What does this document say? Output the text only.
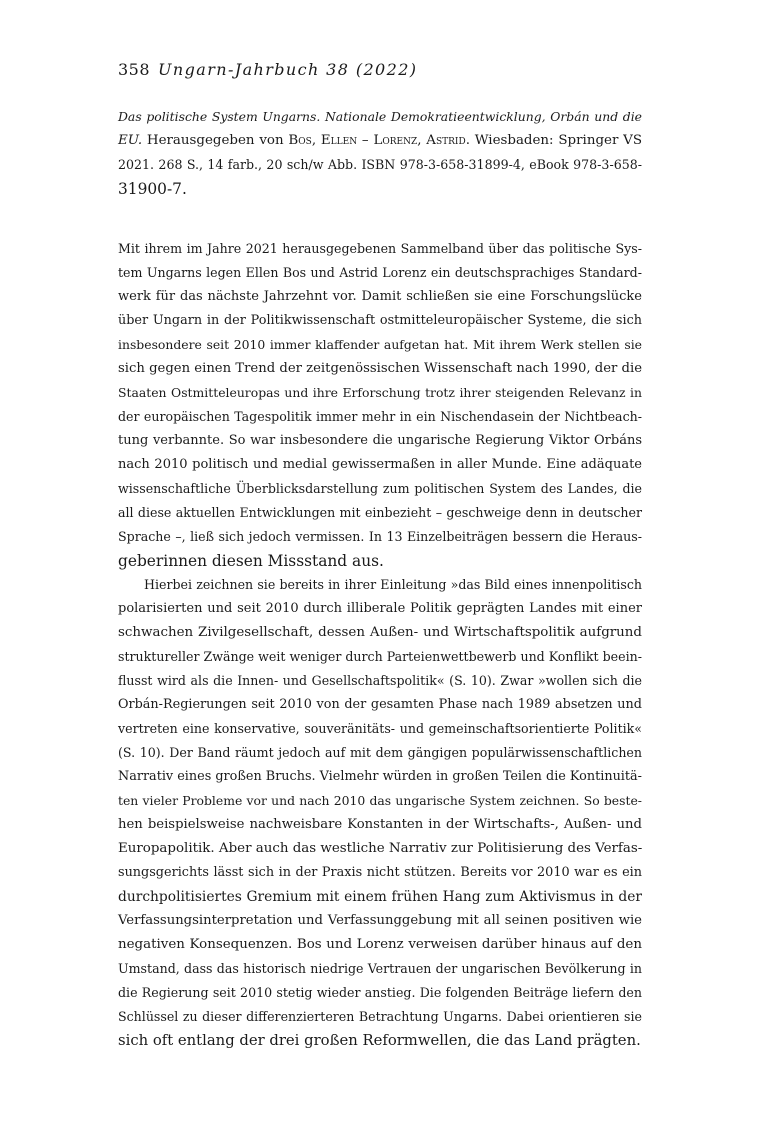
358 Ungarn-Jahrbuch 38 (2022)
Das politische System Ungarns. Nationale Demokratieentwicklung, Orbán und die
EU. Herausgegeben von Bos, Ellen – Lorenz, Astrid. Wiesbaden: Springer VS
2021. 268 S., 14 farb., 20 sch/w Abb. ISBN 978-3-658-31899-4, eBook 978-3-658-
31900-7.
Mit ihrem im Jahre 2021 herausgegebenen Sammelband über das politische Sys-
tem Ungarns legen Ellen Bos und Astrid Lorenz ein deutschsprachiges Standard-
werk für das nächste Jahrzehnt vor. Damit schließen sie eine Forschungslücke
über Ungarn in der Politikwissenschaft ostmitteleuropäischer Systeme, die sich
insbesondere seit 2010 immer klaffender aufgetan hat. Mit ihrem Werk stellen sie
sich gegen einen Trend der zeitgenössischen Wissenschaft nach 1990, der die
Staaten Ostmitteleuropas und ihre Erforschung trotz ihrer steigenden Relevanz in
der europäischen Tagespolitik immer mehr in ein Nischendasein der Nichtbeach-
tung verbannte. So war insbesondere die ungarische Regierung Viktor Orbáns
nach 2010 politisch und medial gewissermaßen in aller Munde. Eine adäquate
wissenschaftliche Überblicksdarstellung zum politischen System des Landes, die
all diese aktuellen Entwicklungen mit einbezieht – geschweige denn in deutscher
Sprache –, ließ sich jedoch vermissen. In 13 Einzelbeiträgen bessern die Heraus-
geberinnen diesen Missstand aus.
Hierbei zeichnen sie bereits in ihrer Einleitung »das Bild eines innenpolitisch
polarisierten und seit 2010 durch illiberale Politik geprägten Landes mit einer
schwachen Zivilgesellschaft, dessen Außen- und Wirtschaftspolitik aufgrund
struktureller Zwänge weit weniger durch Parteienwettbewerb und Konflikt beein-
flusst wird als die Innen- und Gesellschaftspolitik« (S. 10). Zwar »wollen sich die
Orbán-Regierungen seit 2010 von der gesamten Phase nach 1989 absetzen und
vertreten eine konservative, souveränitäts- und gemeinschaftsorientierte Politik«
(S. 10). Der Band räumt jedoch auf mit dem gängigen populärwissenschaftlichen
Narrativ eines großen Bruchs. Vielmehr würden in großen Teilen die Kontinuitä-
ten vieler Probleme vor und nach 2010 das ungarische System zeichnen. So beste-
hen beispielsweise nachweisbare Konstanten in der Wirtschafts-, Außen- und
Europapolitik. Aber auch das westliche Narrativ zur Politisierung des Verfas-
sungsgerichts lässt sich in der Praxis nicht stützen. Bereits vor 2010 war es ein
durchpolitisiertes Gremium mit einem frühen Hang zum Aktivismus in der
Verfassungsinterpretation und Verfassunggebung mit all seinen positiven wie
negativen Konsequenzen. Bos und Lorenz verweisen darüber hinaus auf den
Umstand, dass das historisch niedrige Vertrauen der ungarischen Bevölkerung in
die Regierung seit 2010 stetig wieder anstieg. Die folgenden Beiträge liefern den
Schlüssel zu dieser differenzierteren Betrachtung Ungarns. Dabei orientieren sie
sich oft entlang der drei großen Reformwellen, die das Land prägten.
